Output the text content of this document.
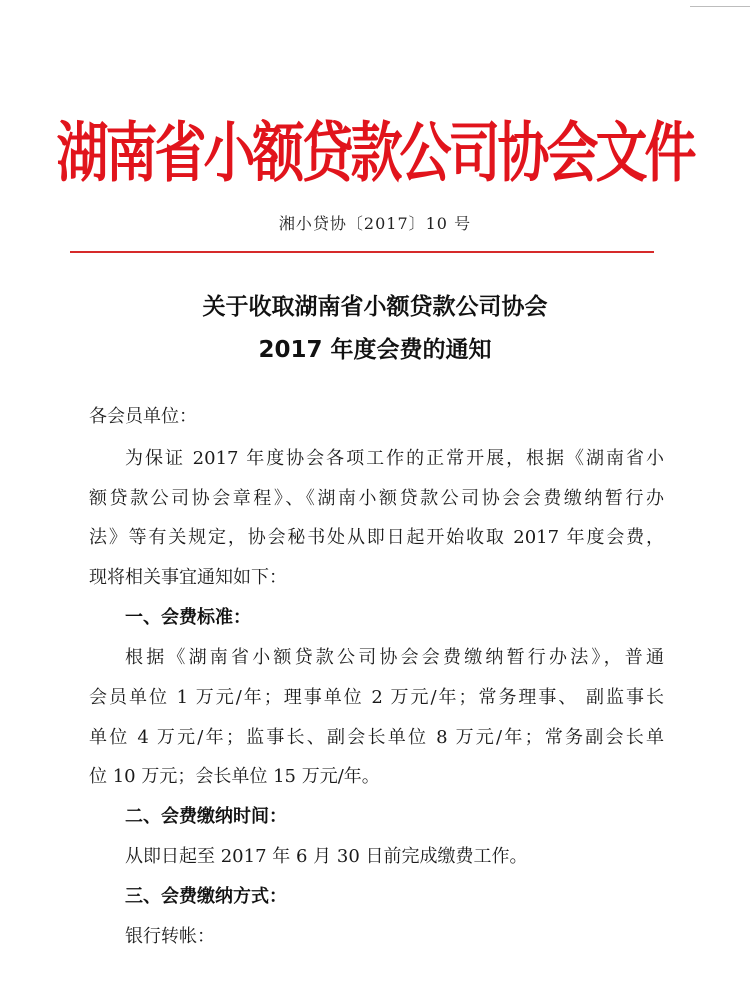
湖南省小额贷款公司协会文件
湘小贷协〔2017〕10 号
关于收取湖南省小额贷款公司协会
2017 年度会费的通知
各会员单位：
为保证 2017 年度协会各项工作的正常开展，根据《湖南省小
额贷款公司协会章程》、《湖南小额贷款公司协会会费缴纳暂行办
法》等有关规定，协会秘书处从即日起开始收取 2017 年度会费，
现将相关事宜通知如下：
一、会费标准：
根据《湖南省小额贷款公司协会会费缴纳暂行办法》，普通
会员单位 1 万元/年；理事单位 2 万元/年；常务理事、 副监事长
单位 4 万元/年；监事长、副会长单位 8 万元/年；常务副会长单
位 10 万元；会长单位 15 万元/年。
二、会费缴纳时间：
从即日起至 2017 年 6 月 30 日前完成缴费工作。
三、会费缴纳方式：
银行转帐：
